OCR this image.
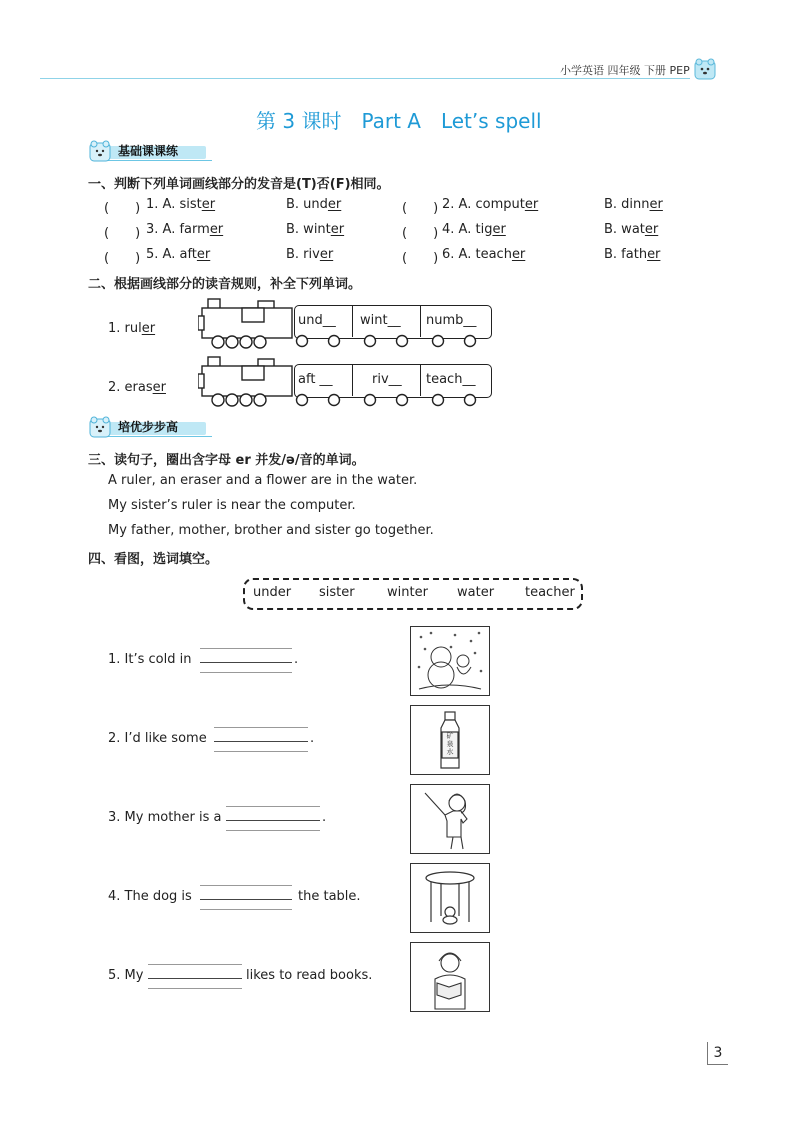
小学英语 四年级 下册 PEP
第 3 课时　Part A　Let’s spell
基础课课练
一、判断下列单词画线部分的发音是(T)否(F)相同。
(　　) 1. A. sister	B. under	(　　) 2. A. computer	B. dinner
(　　) 3. A. farmer	B. winter	(　　) 4. A. tiger	B. water
(　　) 5. A. after	B. river	(　　) 6. A. teacher	B. father
二、根据画线部分的读音规则，补全下列单词。
1. ruler
und__ wint__ numb__
2. eraser
aft __	riv__ teach__
培优步步高
三、读句子，圈出含字母 er 并发/ə/音的单词。
A ruler, an eraser and a flower are in the water.
My sister’s ruler is near the computer.
My father, mother, brother and sister go together.
四、看图，选词填空。
under sister winter water teacher
1. It’s cold in	.
2. I’d like some	.	矿泉水
3. My mother is a	.
4. The dog is	the table.
5. My	likes to read books.
3
